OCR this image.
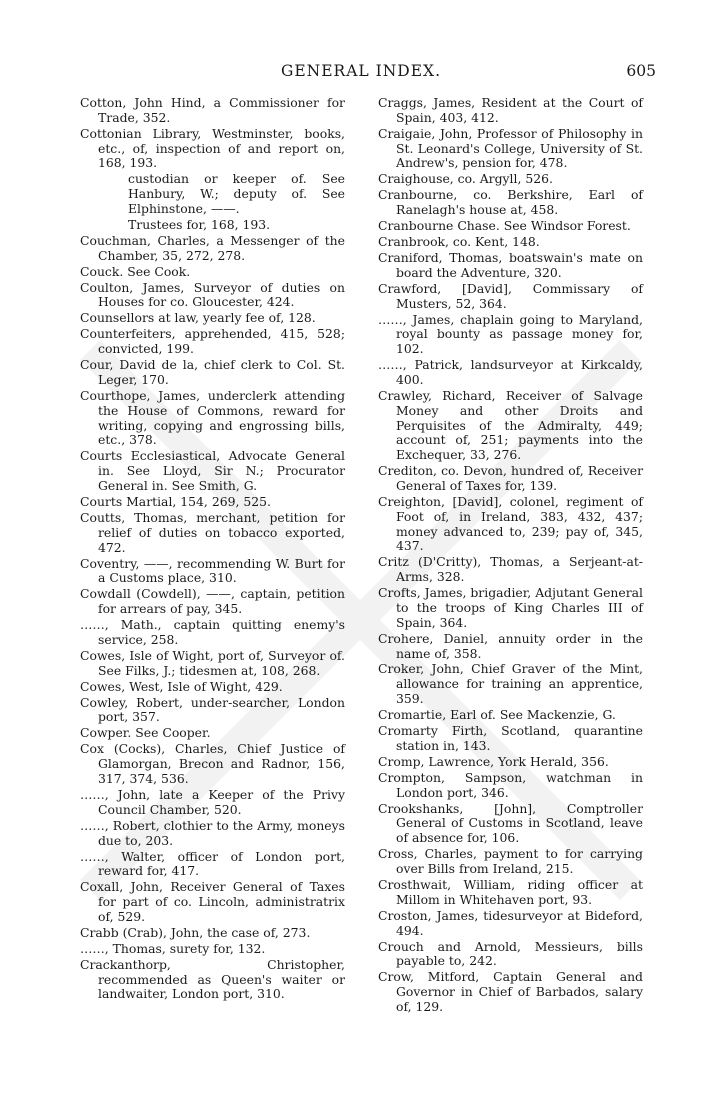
GENERAL INDEX.	605
Cotton, John Hind, a Commissioner for Trade, 352.
Cottonian Library, Westminster, books, etc., of, inspection of and report on, 168, 193.
custodian or keeper of. See Hanbury, W.; deputy of. See Elphinstone, ——.
Trustees for, 168, 193.
Couchman, Charles, a Messenger of the Chamber, 35, 272, 278.
Couck. See Cook.
Coulton, James, Surveyor of duties on Houses for co. Gloucester, 424.
Counsellors at law, yearly fee of, 128.
Counterfeiters, apprehended, 415, 528; convicted, 199.
Cour, David de la, chief clerk to Col. St. Leger, 170.
Courthope, James, underclerk attending the House of Commons, reward for writing, copying and engrossing bills, etc., 378.
Courts Ecclesiastical, Advocate General in. See Lloyd, Sir N.; Procurator General in. See Smith, G.
Courts Martial, 154, 269, 525.
Coutts, Thomas, merchant, petition for relief of duties on tobacco exported, 472.
Coventry, ——, recommending W. Burt for a Customs place, 310.
Cowdall (Cowdell), ——, captain, petition for arrears of pay, 345.
……, Math., captain quitting enemy's service, 258.
Cowes, Isle of Wight, port of, Surveyor of. See Filks, J.; tidesmen at, 108, 268.
Cowes, West, Isle of Wight, 429.
Cowley, Robert, under-searcher, London port, 357.
Cowper. See Cooper.
Cox (Cocks), Charles, Chief Justice of Glamorgan, Brecon and Radnor, 156, 317, 374, 536.
……, John, late a Keeper of the Privy Council Chamber, 520.
……, Robert, clothier to the Army, moneys due to, 203.
……, Walter, officer of London port, reward for, 417.
Coxall, John, Receiver General of Taxes for part of co. Lincoln, administratrix of, 529.
Crabb (Crab), John, the case of, 273.
……, Thomas, surety for, 132.
Crackanthorp, Christopher, recommended as Queen's waiter or landwaiter, London port, 310.
Craggs, James, Resident at the Court of Spain, 403, 412.
Craigaie, John, Professor of Philosophy in St. Leonard's College, University of St. Andrew's, pension for, 478.
Craighouse, co. Argyll, 526.
Cranbourne, co. Berkshire, Earl of Ranelagh's house at, 458.
Cranbourne Chase. See Windsor Forest.
Cranbrook, co. Kent, 148.
Craniford, Thomas, boatswain's mate on board the Adventure, 320.
Crawford, [David], Commissary of Musters, 52, 364.
……, James, chaplain going to Maryland, royal bounty as passage money for, 102.
……, Patrick, landsurveyor at Kirkcaldy, 400.
Crawley, Richard, Receiver of Salvage Money and other Droits and Perquisites of the Admiralty, 449; account of, 251; payments into the Exchequer, 33, 276.
Crediton, co. Devon, hundred of, Receiver General of Taxes for, 139.
Creighton, [David], colonel, regiment of Foot of, in Ireland, 383, 432, 437; money advanced to, 239; pay of, 345, 437.
Critz (D'Critty), Thomas, a Serjeant-at-Arms, 328.
Crofts, James, brigadier, Adjutant General to the troops of King Charles III of Spain, 364.
Crohere, Daniel, annuity order in the name of, 358.
Croker, John, Chief Graver of the Mint, allowance for training an apprentice, 359.
Cromartie, Earl of. See Mackenzie, G.
Cromarty Firth, Scotland, quarantine station in, 143.
Cromp, Lawrence, York Herald, 356.
Crompton, Sampson, watchman in London port, 346.
Crookshanks, [John], Comptroller General of Customs in Scotland, leave of absence for, 106.
Cross, Charles, payment to for carrying over Bills from Ireland, 215.
Crosthwait, William, riding officer at Millom in Whitehaven port, 93.
Croston, James, tidesurveyor at Bideford, 494.
Crouch and Arnold, Messieurs, bills payable to, 242.
Crow, Mitford, Captain General and Governor in Chief of Barbados, salary of, 129.
